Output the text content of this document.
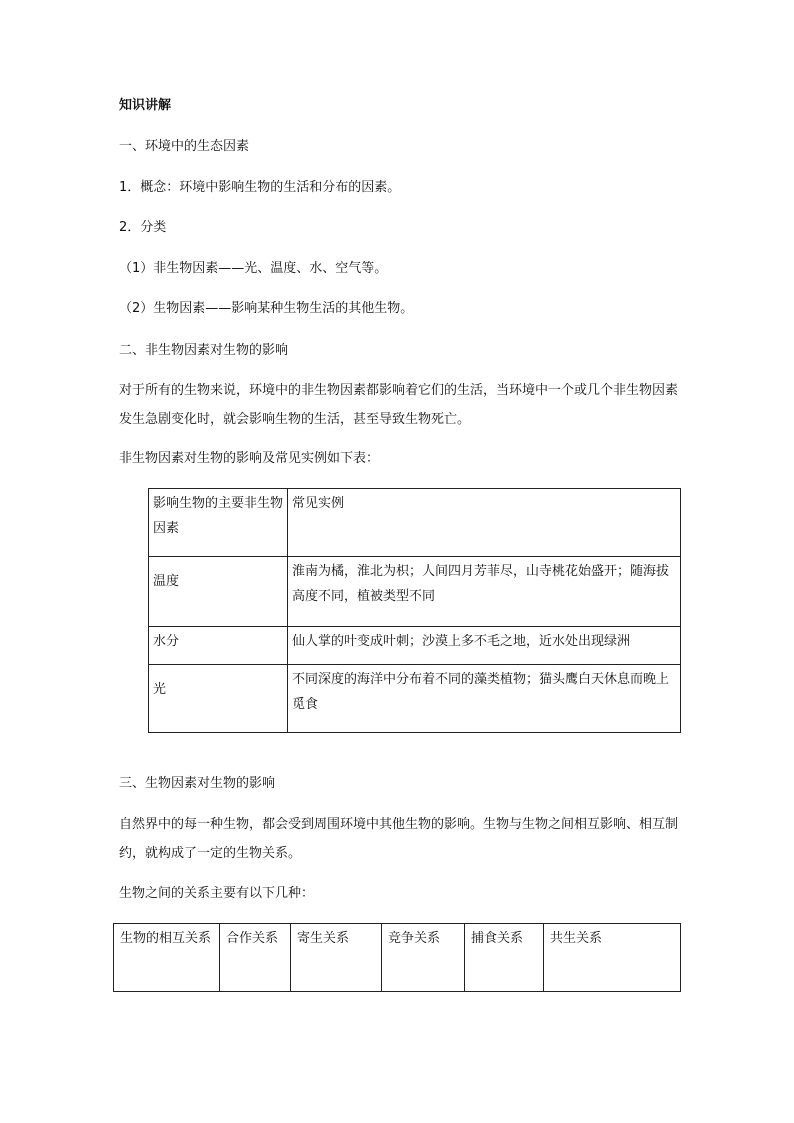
知识讲解
一、环境中的生态因素
1．概念：环境中影响生物的生活和分布的因素。
2．分类
（1）非生物因素——光、温度、水、空气等。
（2）生物因素——影响某种生物生活的其他生物。
二、非生物因素对生物的影响
对于所有的生物来说，环境中的非生物因素都影响着它们的生活，当环境中一个或几个非生物因素发生急剧变化时，就会影响生物的生活，甚至导致生物死亡。
非生物因素对生物的影响及常见实例如下表：
影响生物的主要非生物因素	常见实例
温度	淮南为橘，淮北为枳；人间四月芳菲尽，山寺桃花始盛开；随海拔高度不同，植被类型不同
水分	仙人掌的叶变成叶刺；沙漠上多不毛之地，近水处出现绿洲
光	不同深度的海洋中分布着不同的藻类植物；猫头鹰白天休息而晚上觅食
三、生物因素对生物的影响
自然界中的每一种生物，都会受到周围环境中其他生物的影响。生物与生物之间相互影响、相互制约，就构成了一定的生物关系。
生物之间的关系主要有以下几种：
生物的相互关系	合作关系	寄生关系	竞争关系	捕食关系	共生关系
